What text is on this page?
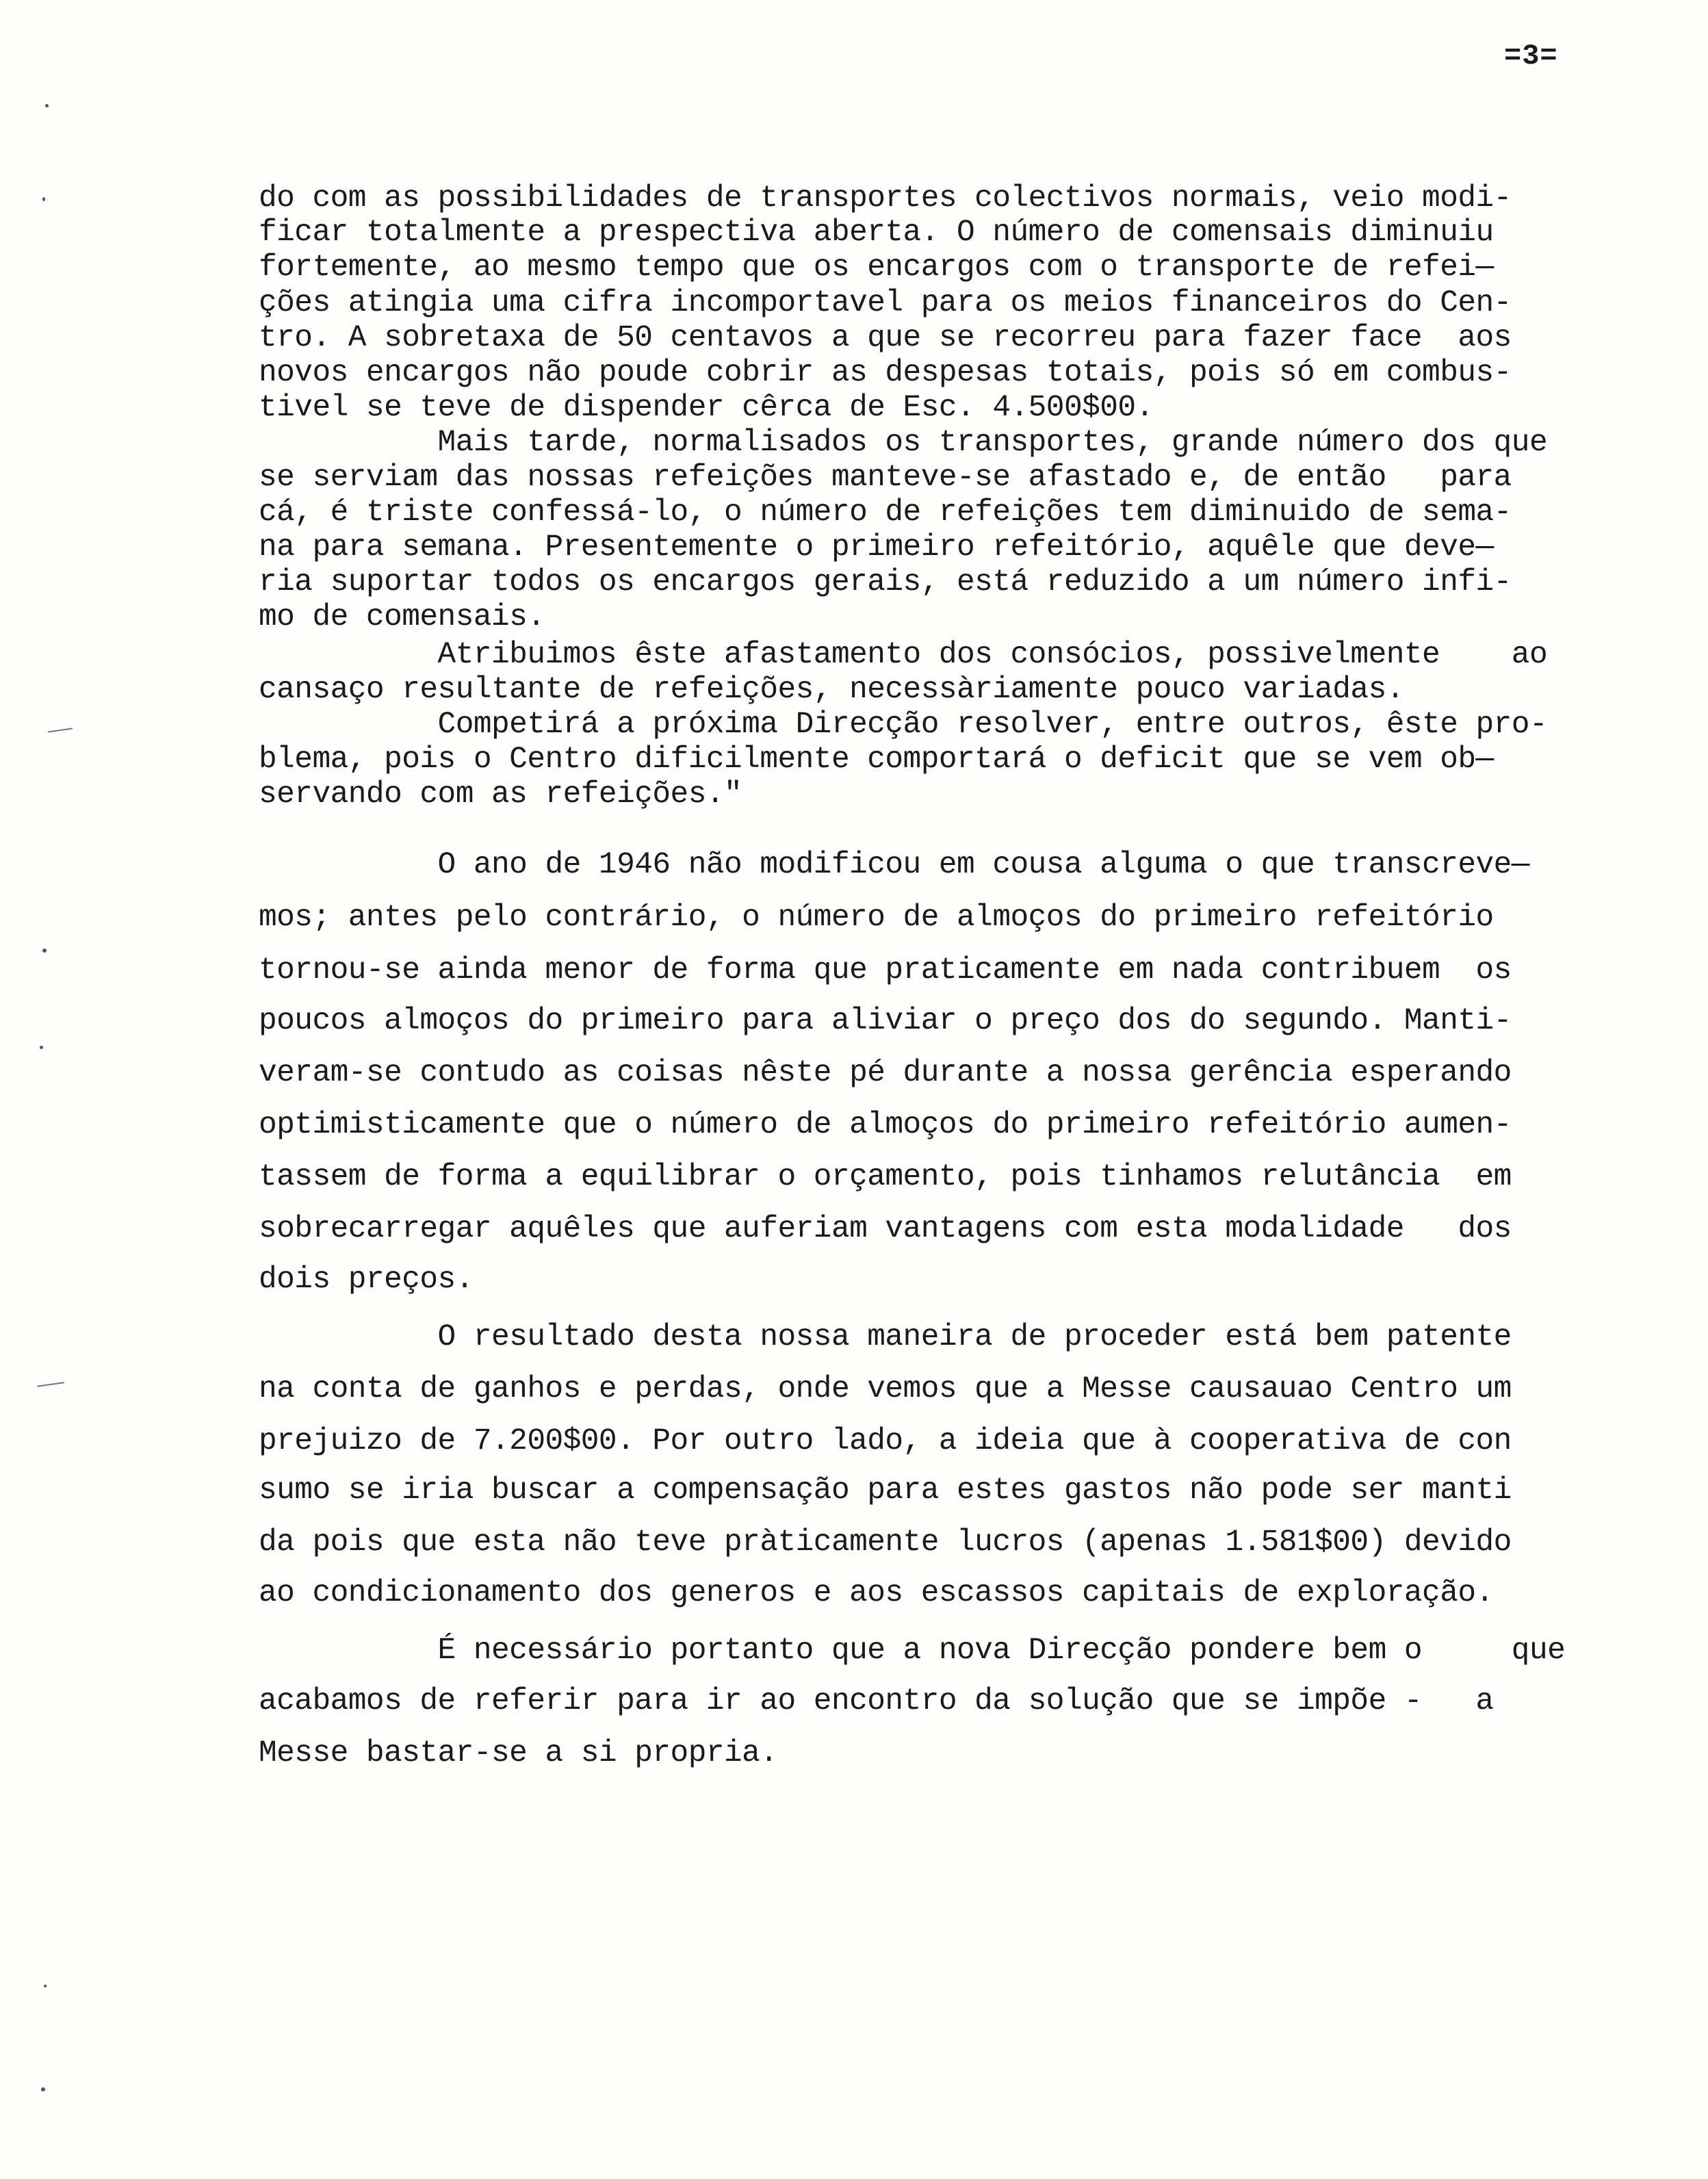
=3=
do com as possibilidades de transportes colectivos normais, veio modi-
ficar totalmente a prespectiva aberta. O número de comensais diminuiu
fortemente, ao mesmo tempo que os encargos com o transporte de refei—
ções atingia uma cifra incomportavel para os meios financeiros do Cen-
tro. A sobretaxa de 50 centavos a que se recorreu para fazer face  aos
novos encargos não poude cobrir as despesas totais, pois só em combus-
tivel se teve de dispender cêrca de Esc. 4.500$00.
Mais tarde, normalisados os transportes, grande número dos que
se serviam das nossas refeições manteve-se afastado e, de então   para
cá, é triste confessá-lo, o número de refeições tem diminuido de sema-
na para semana. Presentemente o primeiro refeitório, aquêle que deve—
ria suportar todos os encargos gerais, está reduzido a um número infi-
mo de comensais.
Atribuimos êste afastamento dos consócios, possivelmente    ao
cansaço resultante de refeições, necessàriamente pouco variadas.
Competirá a próxima Direcção resolver, entre outros, êste pro-
blema, pois o Centro dificilmente comportará o deficit que se vem ob—
servando com as refeições."
O ano de 1946 não modificou em cousa alguma o que transcreve—
mos; antes pelo contrário, o número de almoços do primeiro refeitório
tornou-se ainda menor de forma que praticamente em nada contribuem  os
poucos almoços do primeiro para aliviar o preço dos do segundo. Manti-
veram-se contudo as coisas nêste pé durante a nossa gerência esperando
optimisticamente que o número de almoços do primeiro refeitório aumen-
tassem de forma a equilibrar o orçamento, pois tinhamos relutância  em
sobrecarregar aquêles que auferiam vantagens com esta modalidade   dos
dois preços.
O resultado desta nossa maneira de proceder está bem patente
na conta de ganhos e perdas, onde vemos que a Messe causauao Centro um
prejuizo de 7.200$00. Por outro lado, a ideia que à cooperativa de con
sumo se iria buscar a compensação para estes gastos não pode ser manti
da pois que esta não teve pràticamente lucros (apenas 1.581$00) devido
ao condicionamento dos generos e aos escassos capitais de exploração.
É necessário portanto que a nova Direcção pondere bem o     que
acabamos de referir para ir ao encontro da solução que se impõe -   a
Messe bastar-se a si propria.
